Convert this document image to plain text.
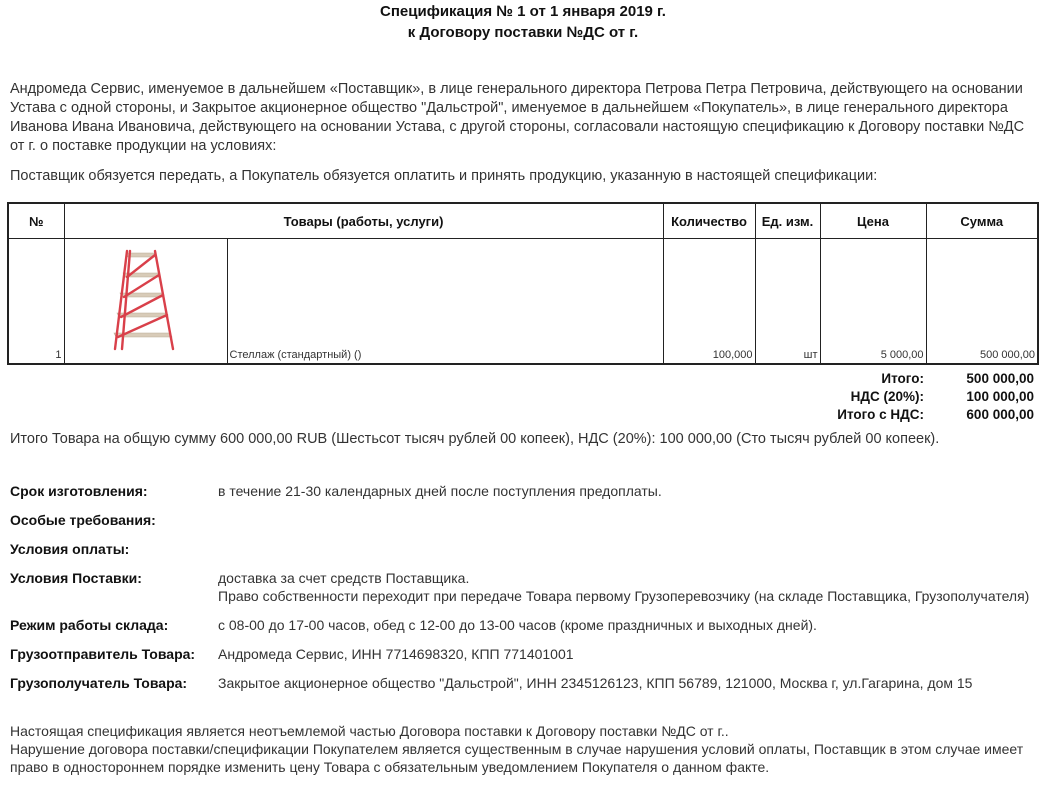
Спецификация № 1 от 1 января 2019 г.
к Договору поставки №ДС от г.
Андромеда Сервис, именуемое в дальнейшем «Поставщик», в лице генерального директора Петрова Петра Петровича, действующего на основании Устава с одной стороны, и Закрытое акционерное общество "Дальстрой", именуемое в дальнейшем «Покупатель», в лице генерального директора Иванова Ивана Ивановича, действующего на основании Устава, с другой стороны, согласовали настоящую спецификацию к Договору поставки №ДС от г. о поставке продукции на условиях:
Поставщик обязуется передать, а Покупатель обязуется оплатить и принять продукцию, указанную в настоящей спецификации:
№	Товары (работы, услуги)		Количество	Ед. изм.	Цена	Сумма
1		Стеллаж (стандартный) ()	100,000	шт	5 000,00	500 000,00
Итого:	500 000,00
НДС (20%):	100 000,00
Итого с НДС:	600 000,00
Итого Товара на общую сумму 600 000,00 RUB (Шестьсот тысяч рублей 00 копеек), НДС (20%): 100 000,00 (Сто тысяч рублей 00 копеек).
Срок изготовления:	в течение 21-30 календарных дней после поступления предоплаты.
Особые требования:
Условия оплаты:
Условия Поставки:	доставка за счет средств Поставщика.
Право собственности переходит при передаче Товара первому Грузоперевозчику (на складе Поставщика, Грузополучателя)
Режим работы склада:	с 08-00 до 17-00 часов, обед с 12-00 до 13-00 часов (кроме праздничных и выходных дней).
Грузоотправитель Товара:	Андромеда Сервис, ИНН 7714698320, КПП 771401001
Грузополучатель Товара:	Закрытое акционерное общество "Дальстрой", ИНН 2345126123, КПП 56789, 121000, Москва г, ул.Гагарина, дом 15
Настоящая спецификация является неотъемлемой частью Договора поставки к Договору поставки №ДС от г..
Нарушение договора поставки/спецификации Покупателем является существенным в случае нарушения условий оплаты, Поставщик в этом случае имеет право в одностороннем порядке изменить цену Товара с обязательным уведомлением Покупателя о данном факте.
